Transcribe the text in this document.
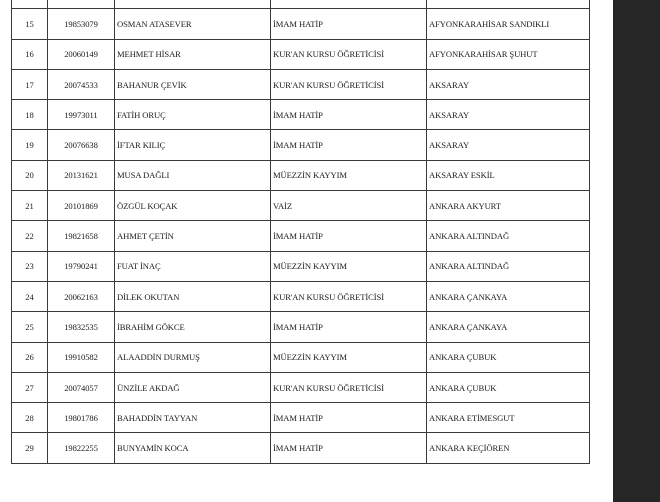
15	19853079	OSMAN ATASEVER	İMAM HATİP	AFYONKARAHİSAR SANDIKLI
16	20060149	MEHMET HİSAR	KUR'AN KURSU ÖĞRETİCİSİ	AFYONKARAHİSAR ŞUHUT
17	20074533	BAHANUR ÇEVİK	KUR'AN KURSU ÖĞRETİCİSİ	AKSARAY
18	19973011	FATİH ORUÇ	İMAM HATİP	AKSARAY
19	20076638	İFTAR KILIÇ	İMAM HATİP	AKSARAY
20	20131621	MUSA DAĞLI	MÜEZZİN KAYYIM	AKSARAY ESKİL
21	20101869	ÖZGÜL KOÇAK	VAİZ	ANKARA AKYURT
22	19821658	AHMET ÇETİN	İMAM HATİP	ANKARA ALTINDAĞ
23	19790241	FUAT İNAÇ	MÜEZZİN KAYYIM	ANKARA ALTINDAĞ
24	20062163	DİLEK OKUTAN	KUR'AN KURSU ÖĞRETİCİSİ	ANKARA ÇANKAYA
25	19832535	İBRAHİM GÖKCE	İMAM HATİP	ANKARA ÇANKAYA
26	19910582	ALAADDİN DURMUŞ	MÜEZZİN KAYYIM	ANKARA ÇUBUK
27	20074057	ÜNZİLE AKDAĞ	KUR'AN KURSU ÖĞRETİCİSİ	ANKARA ÇUBUK
28	19801786	BAHADDİN TAYYAN	İMAM HATİP	ANKARA ETİMESGUT
29	19822255	BUNYAMİN KOCA	İMAM HATİP	ANKARA KEÇİÖREN
